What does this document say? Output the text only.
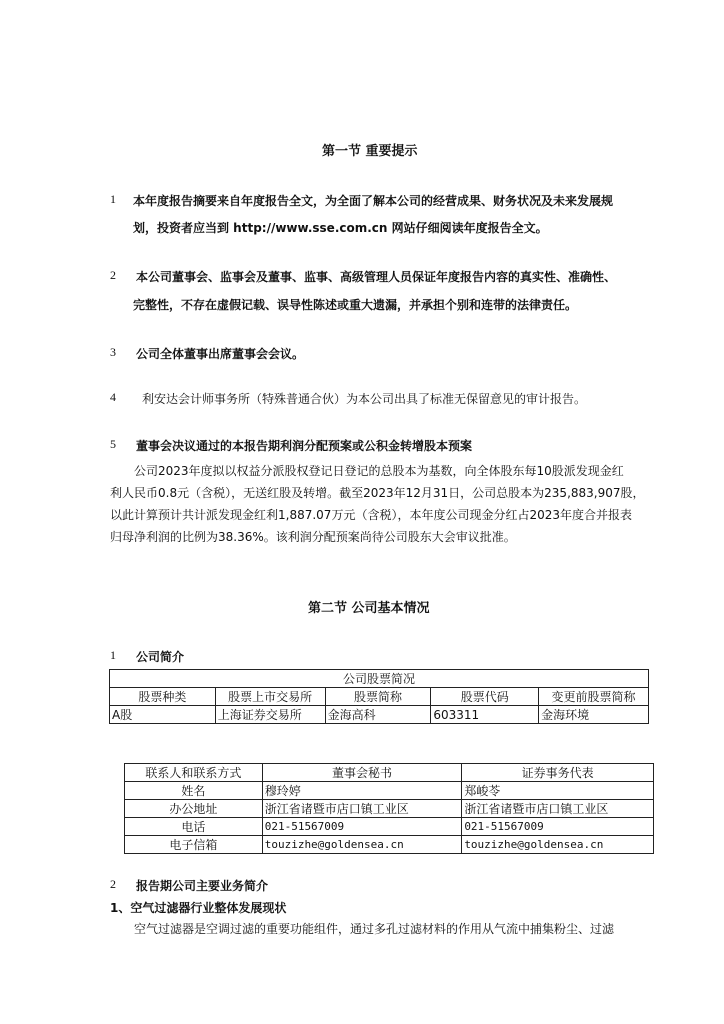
第一节 重要提示
1 本年度报告摘要来自年度报告全文，为全面了解本公司的经营成果、财务状况及未来发展规
划，投资者应当到 http://www.sse.com.cn 网站仔细阅读年度报告全文。
2 本公司董事会、监事会及董事、监事、高级管理人员保证年度报告内容的真实性、准确性、
完整性，不存在虚假记载、误导性陈述或重大遗漏，并承担个别和连带的法律责任。
3 公司全体董事出席董事会会议。
4 利安达会计师事务所（特殊普通合伙）为本公司出具了标准无保留意见的审计报告。
5 董事会决议通过的本报告期利润分配预案或公积金转增股本预案

公司2023年度拟以权益分派股权登记日登记的总股本为基数，向全体股东每10股派发现金红

利人民币0.8元（含税），无送红股及转增。截至2023年12月31日，公司总股本为235,883,907股，

以此计算预计共计派发现金红利1,887.07万元（含税），本年度公司现金分红占2023年度合并报表

归母净利润的比例为38.36%。该利润分配预案尚待公司股东大会审议批准。

第二节 公司基本情况
1 公司简介
公司股票简况				
股票种类	股票上市交易所	股票简称	股票代码	变更前股票简称
A股	上海证券交易所	金海高科	603311	金海环境
联系人和联系方式	董事会秘书	证券事务代表
姓名	穆玲婷	郑峻苓
办公地址	浙江省诸暨市店口镇工业区	浙江省诸暨市店口镇工业区
电话	021-51567009	021-51567009
电子信箱	touzizhe@goldensea.cn	touzizhe@goldensea.cn
2 报告期公司主要业务简介
1、空气过滤器行业整体发展现状
空气过滤器是空调过滤的重要功能组件，通过多孔过滤材料的作用从气流中捕集粉尘、过滤
